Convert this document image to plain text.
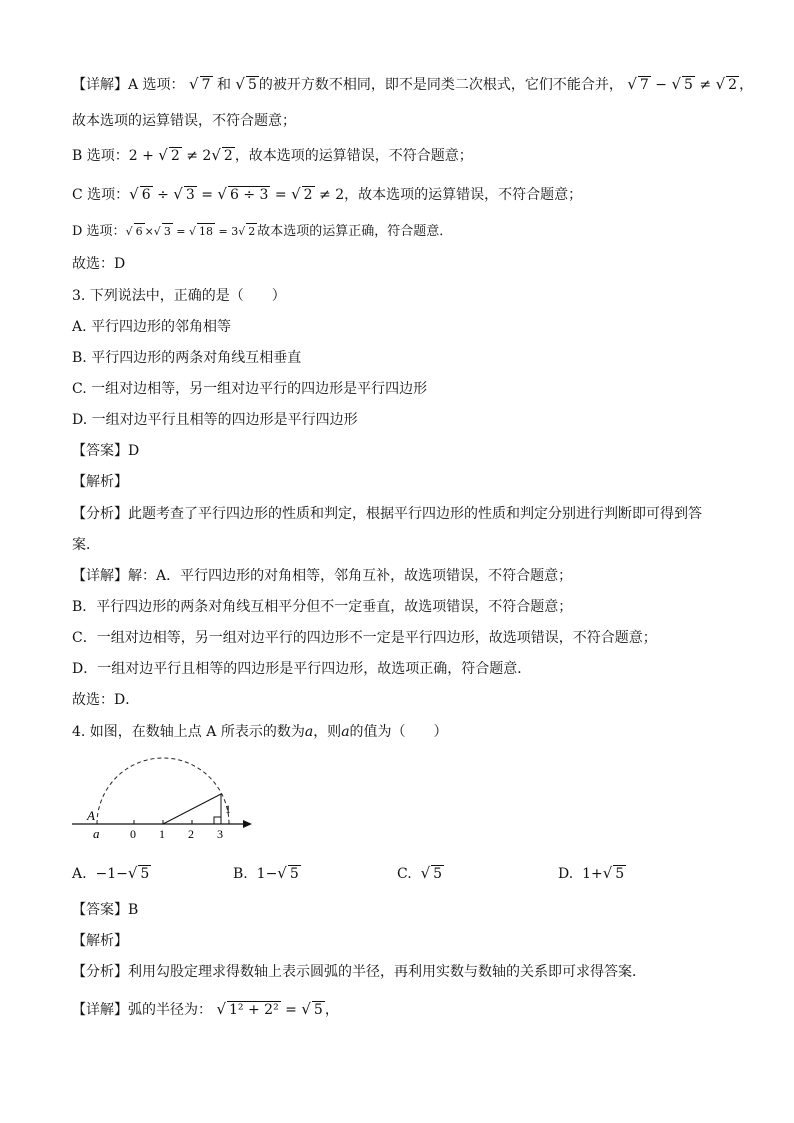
【详解】A 选项： √ 7 和 √ 5 的被开方数不相同，即不是同类二次根式，它们不能合并， √ 7 − √ 5 ≠ √ 2 ，
故本选项的运算错误，不符合题意；
B 选项：2 + √ 2 ≠ 2√ 2 ，故本选项的运算错误，不符合题意；
C 选项：√ 6 ÷ √ 3 = √ 6 ÷ 3 = √ 2 ≠ 2，故本选项的运算错误，不符合题意；
D 选项：√ 6 ×√ 3 = √ 18 = 3√ 2 故本选项的运算正确，符合题意．
故选：D
3. 下列说法中，正确的是（　　）
A. 平行四边形的邻角相等
B. 平行四边形的两条对角线互相垂直
C. 一组对边相等，另一组对边平行的四边形是平行四边形
D. 一组对边平行且相等的四边形是平行四边形
【答案】D
【解析】
【分析】此题考查了平行四边形的性质和判定，根据平行四边形的性质和判定分别进行判断即可得到答
案．
【详解】解：A．平行四边形的对角相等，邻角互补，故选项错误，不符合题意；
B．平行四边形的两条对角线互相平分但不一定垂直，故选项错误，不符合题意；
C．一组对边相等，另一组对边平行的四边形不一定是平行四边形，故选项错误，不符合题意；
D．一组对边平行且相等的四边形是平行四边形，故选项正确，符合题意．
故选：D．
4. 如图，在数轴上点 A 所表示的数为a，则a的值为（　　）
A
a	0 1 2 3
1
A. −1−√ 5	B. 1−√ 5	C. √ 5	D. 1+√ 5
【答案】B
【解析】
【分析】利用勾股定理求得数轴上表示圆弧的半径，再利用实数与数轴的关系即可求得答案．
【详解】弧的半径为： √ 1² + 2² = √ 5 ，
